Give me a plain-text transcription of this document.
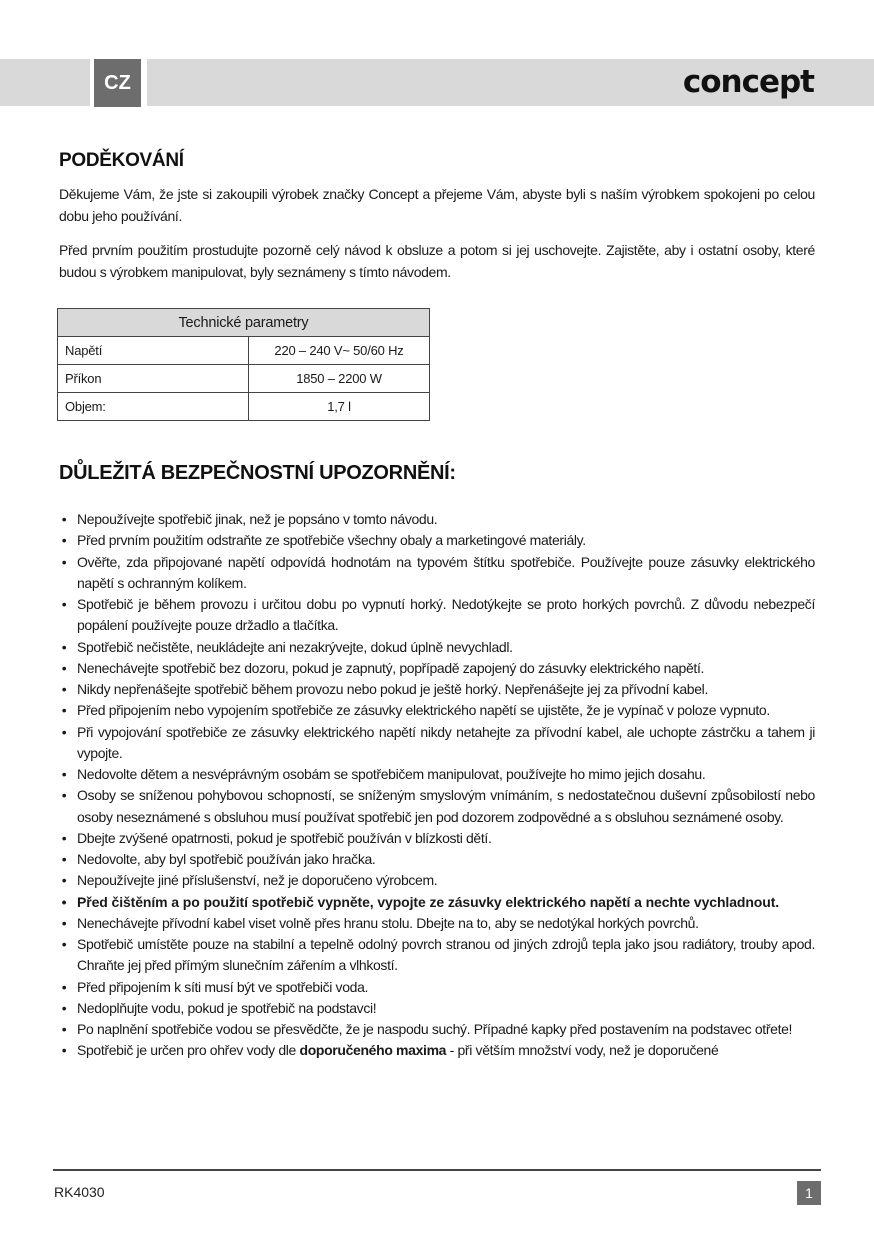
CZ	concept
PODĚKOVÁNÍ

Děkujeme Vám, že jste si zakoupili výrobek značky Concept a přejeme Vám, abyste byli s naším výrobkem spokojeni po celou dobu jeho používání.

Před prvním použitím prostudujte pozorně celý návod k obsluze a potom si jej uschovejte. Zajistěte, aby i ostatní osoby, které budou s výrobkem manipulovat, byly seznámeny s tímto návodem.

Technické parametry	
Napětí	220 – 240 V~ 50/60 Hz
Příkon	1850 – 2200 W
Objem:	1,7 l
DŮLEŽITÁ BEZPEČNOSTNÍ UPOZORNĚNÍ:
• Nepoužívejte spotřebič jinak, než je popsáno v tomto návodu.
• Před prvním použitím odstraňte ze spotřebiče všechny obaly a marketingové materiály.
• Ověřte, zda připojované napětí odpovídá hodnotám na typovém štítku spotřebiče. Používejte pouze zásuvky elektrického napětí s ochranným kolíkem.
• Spotřebič je během provozu i určitou dobu po vypnutí horký. Nedotýkejte se proto horkých povrchů. Z důvodu nebezpečí popálení používejte pouze držadlo a tlačítka.
• Spotřebič nečistěte, neukládejte ani nezakrývejte, dokud úplně nevychladl.
• Nenechávejte spotřebič bez dozoru, pokud je zapnutý, popřípadě zapojený do zásuvky elektrického napětí.
• Nikdy nepřenášejte spotřebič během provozu nebo pokud je ještě horký. Nepřenášejte jej za přívodní kabel.
• Před připojením nebo vypojením spotřebiče ze zásuvky elektrického napětí se ujistěte, že je vypínač v poloze vypnuto.
• Při vypojování spotřebiče ze zásuvky elektrického napětí nikdy netahejte za přívodní kabel, ale uchopte zástrčku a tahem ji vypojte.
• Nedovolte dětem a nesvéprávným osobám se spotřebičem manipulovat, používejte ho mimo jejich dosahu.
• Osoby se sníženou pohybovou schopností, se sníženým smyslovým vnímáním, s nedostatečnou duševní způsobilostí nebo osoby neseznámené s obsluhou musí používat spotřebič jen pod dozorem zodpovědné a s obsluhou seznámené osoby.
• Dbejte zvýšené opatrnosti, pokud je spotřebič používán v blízkosti dětí.
• Nedovolte, aby byl spotřebič používán jako hračka.
• Nepoužívejte jiné příslušenství, než je doporučeno výrobcem.
• Před čištěním a po použití spotřebič vypněte, vypojte ze zásuvky elektrického napětí a nechte vychladnout.
• Nenechávejte přívodní kabel viset volně přes hranu stolu. Dbejte na to, aby se nedotýkal horkých povrchů.
• Spotřebič umístěte pouze na stabilní a tepelně odolný povrch stranou od jiných zdrojů tepla jako jsou radiátory, trouby apod. Chraňte jej před přímým slunečním zářením a vlhkostí.
• Před připojením k síti musí být ve spotřebiči voda.
• Nedoplňujte vodu, pokud je spotřebič na podstavci!
• Po naplnění spotřebiče vodou se přesvědčte, že je naspodu suchý. Případné kapky před postavením na podstavec otřete!
• Spotřebič je určen pro ohřev vody dle doporučeného maxima - při větším množství vody, než je doporučené
RK4030	1
